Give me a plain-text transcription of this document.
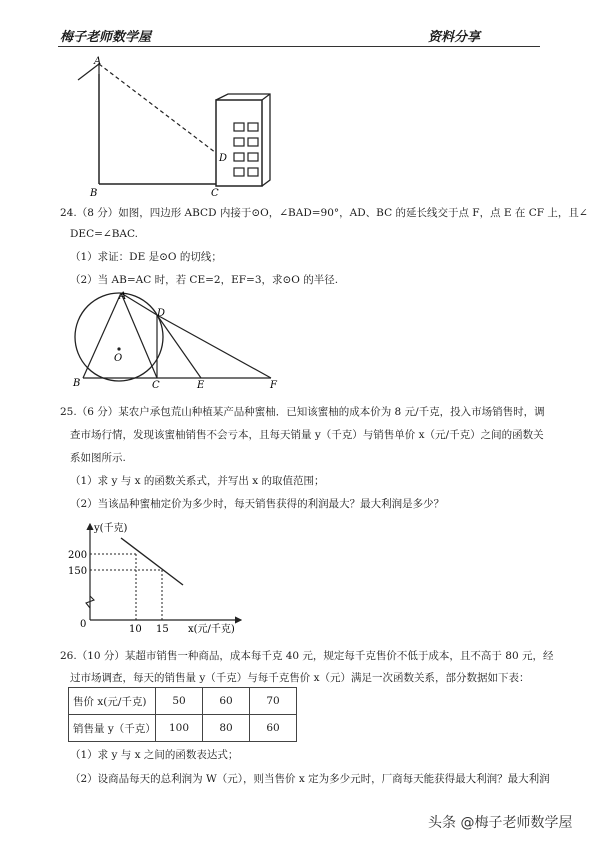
梅子老师数学屋	资料分享
A
B	C
D
24.（8 分）如图，四边形 ABCD 内接于⊙O，∠BAD=90°，AD、BC 的延长线交于点 F，点 E 在 CF 上，且∠
DEC=∠BAC.
（1）求证：DE 是⊙O 的切线；
（2）当 AB=AC 时，若 CE=2，EF=3，求⊙O 的半径.
A
D
O
B	C	E	F
25.（6 分）某农户承包荒山种植某产品种蜜柚．已知该蜜柚的成本价为 8 元/千克，投入市场销售时，调
查市场行情，发现该蜜柚销售不会亏本，且每天销量 y（千克）与销售单价 x（元/千克）之间的函数关
系如图所示.
（1）求 y 与 x 的函数关系式，并写出 x 的取值范围；
（2）当该品种蜜柚定价为多少时，每天销售获得的利润最大？最大利润是多少？
y(千克)
x(元/千克)
0
200
150
10 15
26.（10 分）某超市销售一种商品，成本每千克 40 元，规定每千克售价不低于成本，且不高于 80 元，经
过市场调查，每天的销售量 y（千克）与每千克售价 x（元）满足一次函数关系，部分数据如下表：
售价 x(元/千克)	50	60	70
销售量 y（千克）	100	80	60
（1）求 y 与 x 之间的函数表达式；
（2）设商品每天的总利润为 W（元），则当售价 x 定为多少元时，厂商每天能获得最大利润？最大利润
头条 @梅子老师数学屋
